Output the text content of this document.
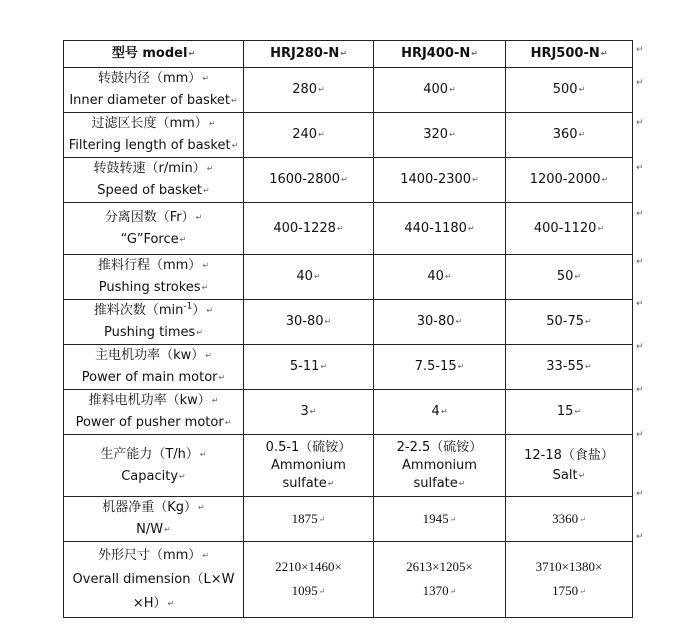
型号 model↵	HRJ280-N↵	HRJ400-N↵	HRJ500-N↵

转鼓内径（mm）↵
Inner diameter of basket↵	280↵	400↵	500↵

过滤区长度（mm）↵
Filtering length of basket↵	240↵	320↵	360↵

转鼓转速（r/min）↵
Speed of basket↵	1600-2800↵	1400-2300↵	1200-2000↵

分离因数（Fr）↵
“G”Force↵	400-1228↵	440-1180↵	400-1120↵

推料行程（mm）↵
Pushing strokes↵	40↵	40↵	50↵

推料次数$(\min^{-1})↵$
Pushing times↵	30-80↵	30-80↵	50-75↵

主电机功率（kw）↵
Power of main motor↵	5-11↵	7.5-15↵	33-55↵

推料电机功率（kw）↵
Power of pusher motor↵	3↵	4↵	15↵

生产能力（T/h）↵
Capacity↵	0.5-1（硫铵）
Ammonium
sulfate↵	2-2.5（硫铵）
Ammonium
sulfate↵	12-18（食盐）
Salt↵

机器净重（Kg）↵
N/W↵	1875↵	1945↵	3360↵

外形尺寸（mm）↵
Overall dimension（L×W
×H）↵	2210×1460×
1095↵	2613×1205×
1370↵	3710×1380×
1750↵
↵
↵
↵
↵
↵
↵
↵
↵
↵
↵
↵
↵
